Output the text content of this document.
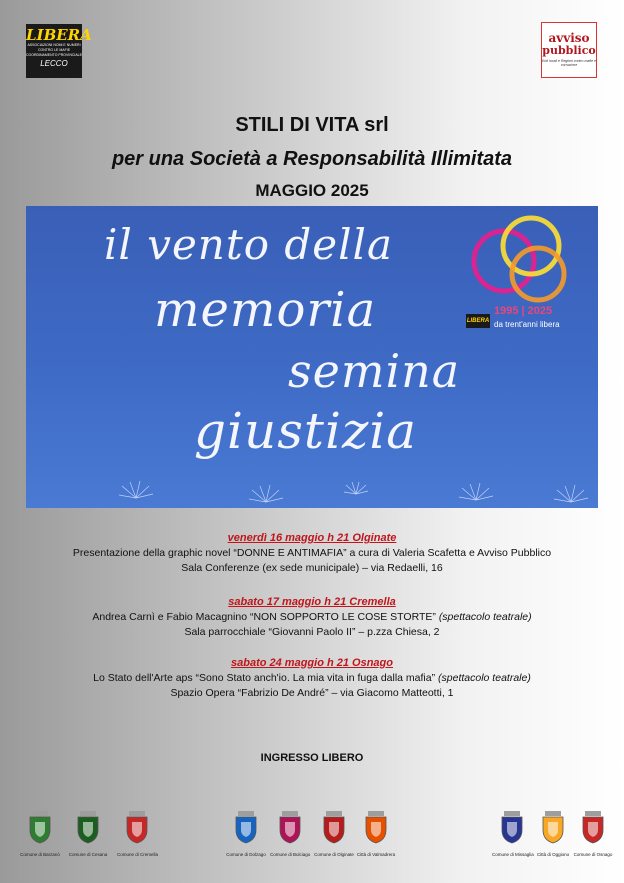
LIBERA
ASSOCIAZIONI NOMI E NUMERI
CONTRO LE MAFIE
COORDINAMENTO PROVINCIALE
LECCO
avviso
pubblico
Enti locali e Regioni contro mafie e corruzione
STILI DI VITA srl
per una Società a Responsabilità Illimitata
MAGGIO 2025
il vento della
memoria
semina
giustizia
LIBERA
1995 | 2025
da trent'anni libera
venerdì 16 maggio h 21 Olginate
Presentazione della graphic novel “DONNE E ANTIMAFIA” a cura di Valeria Scafetta e Avviso Pubblico
Sala Conferenze (ex sede municipale) – via Redaelli, 16
sabato 17 maggio h 21 Cremella
Andrea Carnì e Fabio Macagnino “NON SOPPORTO LE COSE STORTE” (spettacolo teatrale)
Sala parrocchiale “Giovanni Paolo II” – p.zza Chiesa, 2
sabato 24 maggio h 21 Osnago
Lo Stato dell'Arte aps “Sono Stato anch'io. La mia vita in fuga dalla mafia” (spettacolo teatrale)
Spazio Opera “Fabrizio De André” – via Giacomo Matteotti, 1
INGRESSO LIBERO
Comune di Barzanò Comune di Cesana Comune di Cremella	Comune di Dolzago Comune di Bulciago Comune di Olginate Città di Valmadrera	Comune di Missaglia Città di Oggiono Comune di Osnago
